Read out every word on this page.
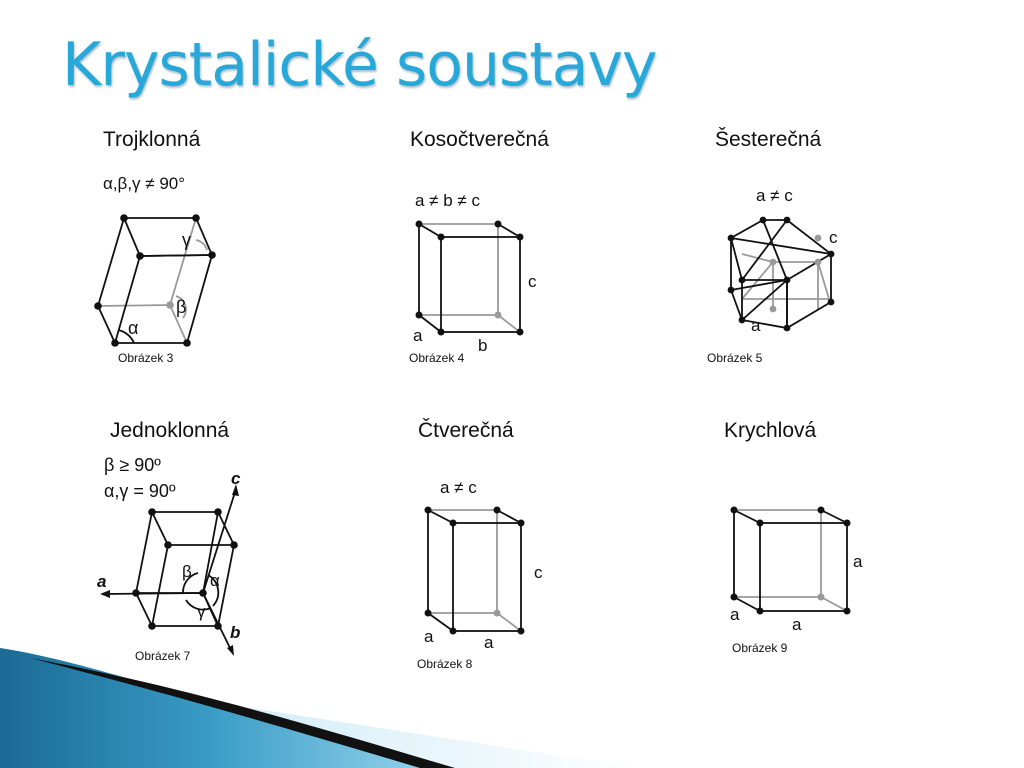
Krystalické soustavy
Trojklonná
α,β,γ ≠ 90°
α
β
γ
Obrázek 3
Kosočtverečná
a ≠ b ≠ c
c
a
b
Obrázek 4
Šesterečná
a ≠ c
c
a
Obrázek 5
Jednoklonná
β ≥ 90º
α,γ = 90º
c
a
b
β α
γ
Obrázek 7
Čtverečná
a ≠ c
c
a	a
Obrázek 8
Krychlová
a
a
a
Obrázek 9
